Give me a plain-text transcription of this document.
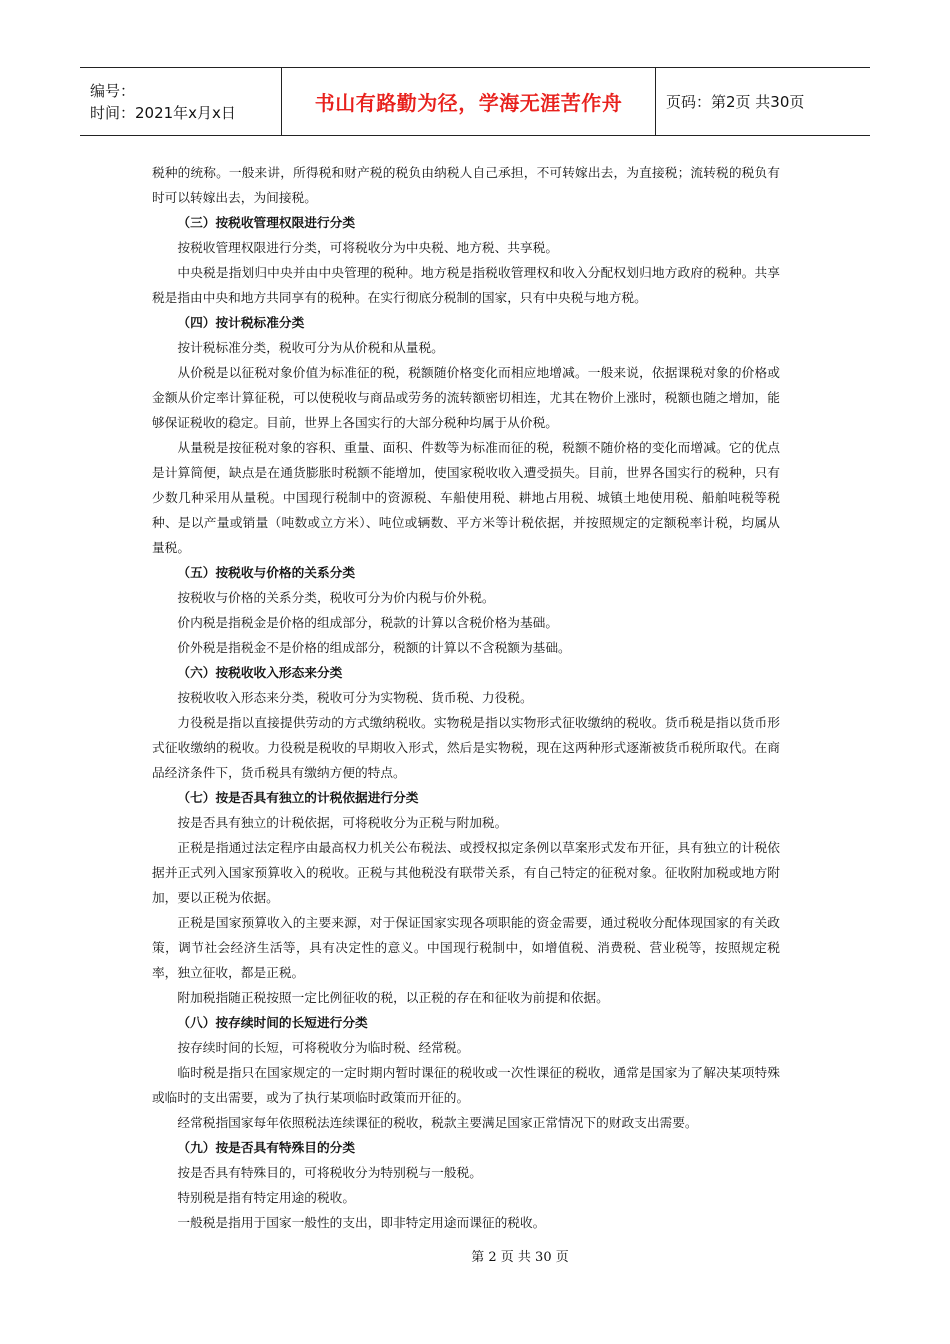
编号：
时间：2021年x月x日	书山有路勤为径，学海无涯苦作舟	页码：第2页 共30页

税种的统称。一般来讲，所得税和财产税的税负由纳税人自己承担，不可转嫁出去，为直接税；流转税的税负有时可以转嫁出去，为间接税。

（三）按税收管理权限进行分类

按税收管理权限进行分类，可将税收分为中央税、地方税、共享税。

中央税是指划归中央并由中央管理的税种。地方税是指税收管理权和收入分配权划归地方政府的税种。共享税是指由中央和地方共同享有的税种。在实行彻底分税制的国家，只有中央税与地方税。

（四）按计税标准分类

按计税标准分类，税收可分为从价税和从量税。

从价税是以征税对象价值为标准征的税，税额随价格变化而相应地增减。一般来说，依据课税对象的价格或金额从价定率计算征税，可以使税收与商品或劳务的流转额密切相连，尤其在物价上涨时，税额也随之增加，能够保证税收的稳定。目前，世界上各国实行的大部分税种均属于从价税。

从量税是按征税对象的容积、重量、面积、件数等为标准而征的税，税额不随价格的变化而增减。它的优点是计算简便，缺点是在通货膨胀时税额不能增加，使国家税收收入遭受损失。目前，世界各国实行的税种，只有少数几种采用从量税。中国现行税制中的资源税、车船使用税、耕地占用税、城镇土地使用税、船舶吨税等税种、是以产量或销量（吨数或立方米）、吨位或辆数、平方米等计税依据，并按照规定的定额税率计税，均属从量税。

（五）按税收与价格的关系分类

按税收与价格的关系分类，税收可分为价内税与价外税。

价内税是指税金是价格的组成部分，税款的计算以含税价格为基础。

价外税是指税金不是价格的组成部分，税额的计算以不含税额为基础。

（六）按税收收入形态来分类

按税收收入形态来分类，税收可分为实物税、货币税、力役税。

力役税是指以直接提供劳动的方式缴纳税收。实物税是指以实物形式征收缴纳的税收。货币税是指以货币形式征收缴纳的税收。力役税是税收的早期收入形式，然后是实物税，现在这两种形式逐渐被货币税所取代。在商品经济条件下，货币税具有缴纳方便的特点。

（七）按是否具有独立的计税依据进行分类

按是否具有独立的计税依据，可将税收分为正税与附加税。

正税是指通过法定程序由最高权力机关公布税法、或授权拟定条例以草案形式发布开征，具有独立的计税依据并正式列入国家预算收入的税收。正税与其他税没有联带关系，有自己特定的征税对象。征收附加税或地方附加，要以正税为依据。

正税是国家预算收入的主要来源，对于保证国家实现各项职能的资金需要，通过税收分配体现国家的有关政策，调节社会经济生活等，具有决定性的意义。中国现行税制中，如增值税、消费税、营业税等，按照规定税率，独立征收，都是正税。

附加税指随正税按照一定比例征收的税，以正税的存在和征收为前提和依据。

（八）按存续时间的长短进行分类

按存续时间的长短，可将税收分为临时税、经常税。

临时税是指只在国家规定的一定时期内暂时课征的税收或一次性课征的税收，通常是国家为了解决某项特殊或临时的支出需要，或为了执行某项临时政策而开征的。

经常税指国家每年依照税法连续课征的税收，税款主要满足国家正常情况下的财政支出需要。

（九）按是否具有特殊目的分类

按是否具有特殊目的，可将税收分为特别税与一般税。

特别税是指有特定用途的税收。

一般税是指用于国家一般性的支出，即非特定用途而课征的税收。

第 2 页 共 30 页
